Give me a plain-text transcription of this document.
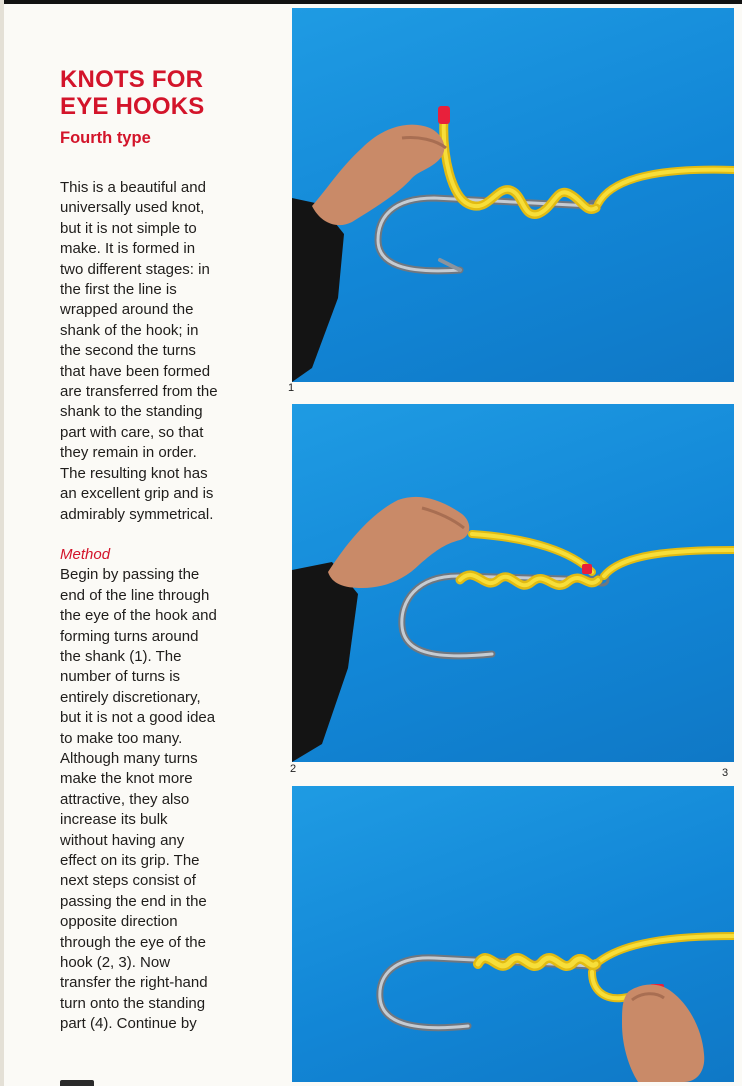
KNOTS FOR
EYE HOOKS
Fourth type

This is a beautiful and
universally used knot,
but it is not simple to
make. It is formed in
two different stages: in
the first the line is
wrapped around the
shank of the hook; in
the second the turns
that have been formed
are transferred from the
shank to the standing
part with care, so that
they remain in order.
The resulting knot has
an excellent grip and is
admirably symmetrical.
Method
Begin by passing the
end of the line through
the eye of the hook and
forming turns around
the shank (1). The
number of turns is
entirely discretionary,
but it is not a good idea
to make too many.
Although many turns
make the knot more
attractive, they also
increase its bulk
without having any
effect on its grip. The
next steps consist of
passing the end in the
opposite direction
through the eye of the
hook (2, 3). Now
transfer the right-hand
turn onto the standing
part (4). Continue by

1
2	3
